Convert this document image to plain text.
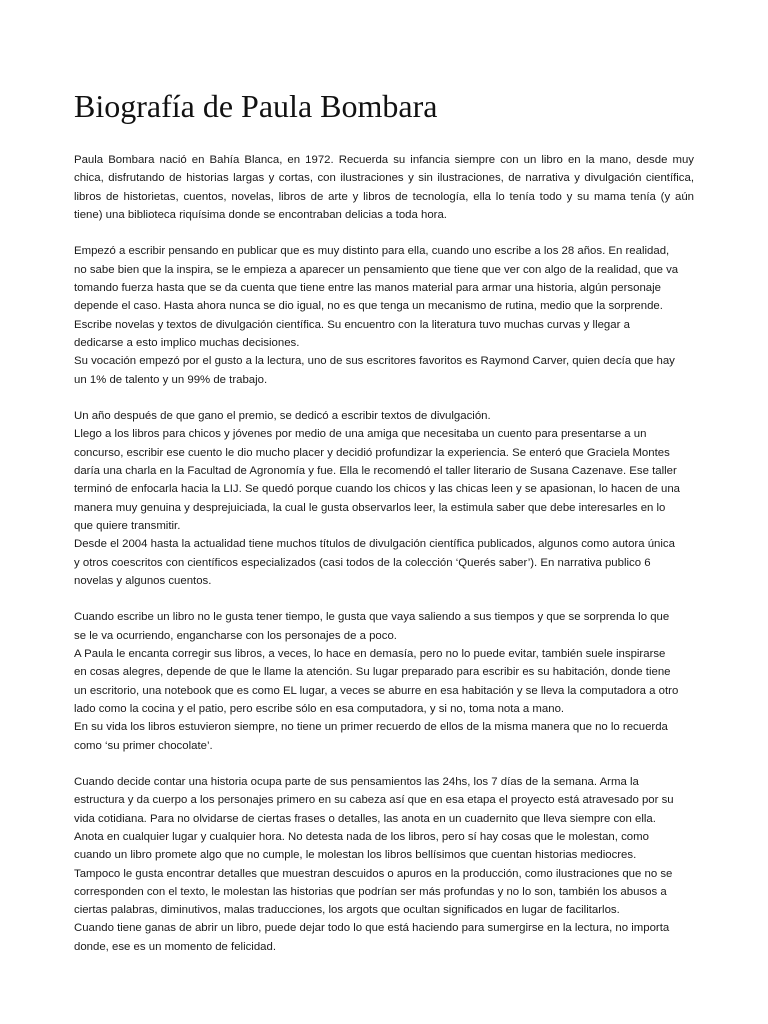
Biografía de Paula Bombara
Paula Bombara nació en Bahía Blanca, en 1972. Recuerda su infancia siempre con un libro en la mano, desde muy
chica, disfrutando de historias largas y cortas, con ilustraciones y sin ilustraciones, de narrativa y divulgación científica,
libros de historietas, cuentos, novelas, libros de arte y libros de tecnología, ella lo tenía todo y su mama tenía (y aún
tiene) una biblioteca riquísima donde se encontraban delicias a toda hora.
Empezó a escribir pensando en publicar que es muy distinto para ella, cuando uno escribe a los 28 años. En realidad,
no sabe bien que la inspira, se le empieza a aparecer un pensamiento que tiene que ver con algo de la realidad, que va
tomando fuerza hasta que se da cuenta que tiene entre las manos material para armar una historia, algún personaje
depende el caso. Hasta ahora nunca se dio igual, no es que tenga un mecanismo de rutina, medio que la sorprende.
Escribe novelas y textos de divulgación científica. Su encuentro con la literatura tuvo muchas curvas y llegar a
dedicarse a esto implico muchas decisiones.
Su vocación empezó por el gusto a la lectura, uno de sus escritores favoritos es Raymond Carver, quien decía que hay
un 1% de talento y un 99% de trabajo.
Un año después de que gano el premio, se dedicó a escribir textos de divulgación.
Llego a los libros para chicos y jóvenes por medio de una amiga que necesitaba un cuento para presentarse a un
concurso, escribir ese cuento le dio mucho placer y decidió profundizar la experiencia. Se enteró que Graciela Montes
daría una charla en la Facultad de Agronomía y fue. Ella le recomendó el taller literario de Susana Cazenave. Ese taller
terminó de enfocarla hacia la LIJ. Se quedó porque cuando los chicos y las chicas leen y se apasionan, lo hacen de una
manera muy genuina y desprejuiciada, la cual le gusta observarlos leer, la estimula saber que debe interesarles en lo
que quiere transmitir.
Desde el 2004 hasta la actualidad tiene muchos títulos de divulgación científica publicados, algunos como autora única
y otros coescritos con científicos especializados (casi todos de la colección ‘Querés saber’). En narrativa publico 6
novelas y algunos cuentos.
Cuando escribe un libro no le gusta tener tiempo, le gusta que vaya saliendo a sus tiempos y que se sorprenda lo que
se le va ocurriendo, engancharse con los personajes de a poco.
A Paula le encanta corregir sus libros, a veces, lo hace en demasía, pero no lo puede evitar, también suele inspirarse
en cosas alegres, depende de que le llame la atención. Su lugar preparado para escribir es su habitación, donde tiene
un escritorio, una notebook que es como EL lugar, a veces se aburre en esa habitación y se lleva la computadora a otro
lado como la cocina y el patio, pero escribe sólo en esa computadora, y si no, toma nota a mano.
En su vida los libros estuvieron siempre, no tiene un primer recuerdo de ellos de la misma manera que no lo recuerda
como ‘su primer chocolate’.
Cuando decide contar una historia ocupa parte de sus pensamientos las 24hs, los 7 días de la semana. Arma la
estructura y da cuerpo a los personajes primero en su cabeza así que en esa etapa el proyecto está atravesado por su
vida cotidiana. Para no olvidarse de ciertas frases o detalles, las anota en un cuadernito que lleva siempre con ella.
Anota en cualquier lugar y cualquier hora. No detesta nada de los libros, pero sí hay cosas que le molestan, como
cuando un libro promete algo que no cumple, le molestan los libros bellísimos que cuentan historias mediocres.
Tampoco le gusta encontrar detalles que muestran descuidos o apuros en la producción, como ilustraciones que no se
corresponden con el texto, le molestan las historias que podrían ser más profundas y no lo son, también los abusos a
ciertas palabras, diminutivos, malas traducciones, los argots que ocultan significados en lugar de facilitarlos.
Cuando tiene ganas de abrir un libro, puede dejar todo lo que está haciendo para sumergirse en la lectura, no importa
donde, ese es un momento de felicidad.
